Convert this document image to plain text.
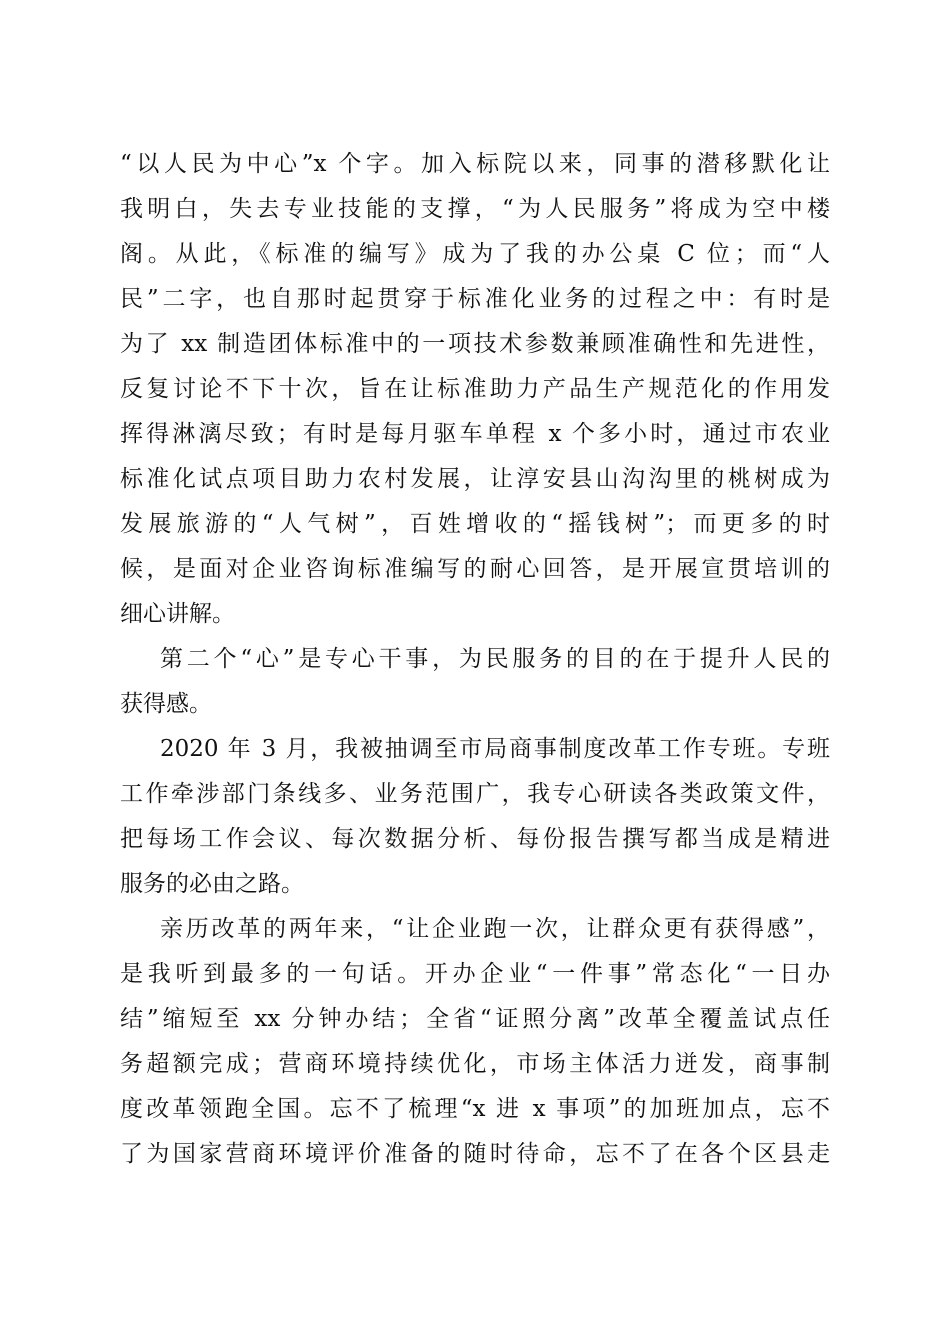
“以人民为中心”x 个字。加入标院以来，同事的潜移默化让
我明白，失去专业技能的支撑，“为人民服务”将成为空中楼
阁。从此，《标准的编写》成为了我的办公桌 C 位；而“人
民”二字，也自那时起贯穿于标准化业务的过程之中：有时是
为了 xx 制造团体标准中的一项技术参数兼顾准确性和先进性，
反复讨论不下十次，旨在让标准助力产品生产规范化的作用发
挥得淋漓尽致；有时是每月驱车单程 x 个多小时，通过市农业
标准化试点项目助力农村发展，让淳安县山沟沟里的桃树成为
发展旅游的“人气树”，百姓增收的“摇钱树”；而更多的时
候，是面对企业咨询标准编写的耐心回答，是开展宣贯培训的
细心讲解。
第二个“心”是专心干事，为民服务的目的在于提升人民的
获得感。
2020 年 3 月，我被抽调至市局商事制度改革工作专班。专班
工作牵涉部门条线多、业务范围广，我专心研读各类政策文件，
把每场工作会议、每次数据分析、每份报告撰写都当成是精进
服务的必由之路。
亲历改革的两年来，“让企业跑一次，让群众更有获得感”，
是我听到最多的一句话。开办企业“一件事”常态化“一日办
结”缩短至 xx 分钟办结；全省“证照分离”改革全覆盖试点任
务超额完成；营商环境持续优化，市场主体活力迸发，商事制
度改革领跑全国。忘不了梳理“x 进 x 事项”的加班加点，忘不
了为国家营商环境评价准备的随时待命，忘不了在各个区县走
